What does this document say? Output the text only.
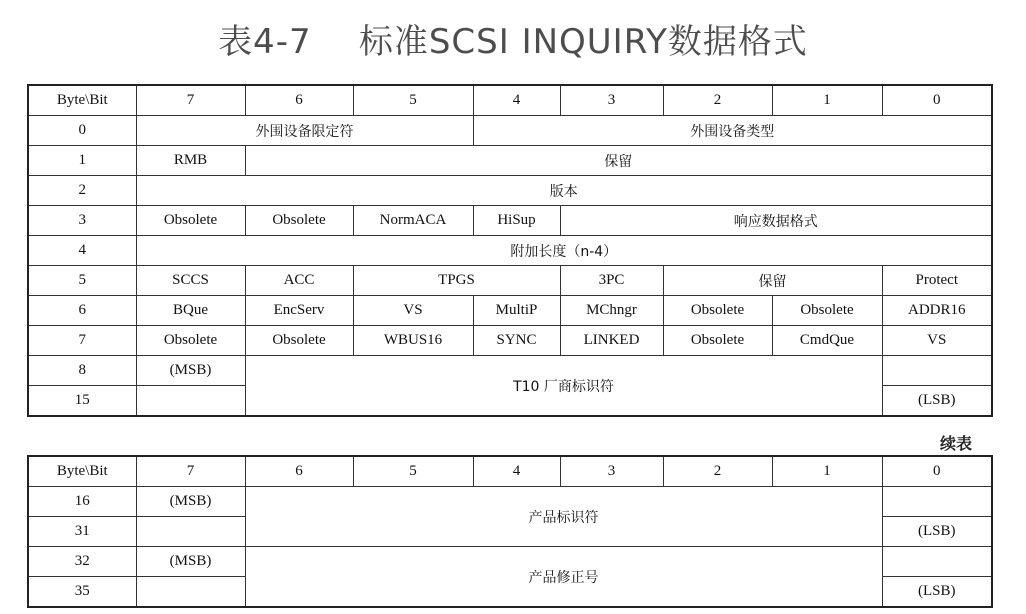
表4-7    标准SCSI INQUIRY数据格式
Byte\Bit	7	6	5	4	3	2	1	0
0	外围设备限定符			外围设备类型				
1	RMB	保留						
2	版本							
3	Obsolete	Obsolete	NormACA	HiSup	响应数据格式			
4	附加长度（n-4）							
5	SCCS	ACC	TPGS		3PC	保留		Protect
6	BQue	EncServ	VS	MultiP	MChngr	Obsolete	Obsolete	ADDR16
7	Obsolete	Obsolete	WBUS16	SYNC	LINKED	Obsolete	CmdQue	VS
8	(MSB)	T10 厂商标识符						
15								(LSB)
续表
Byte\Bit	7	6	5	4	3	2	1	0
16	(MSB)	产品标识符						
31								(LSB)
32	(MSB)	产品修正号						
35								(LSB)
